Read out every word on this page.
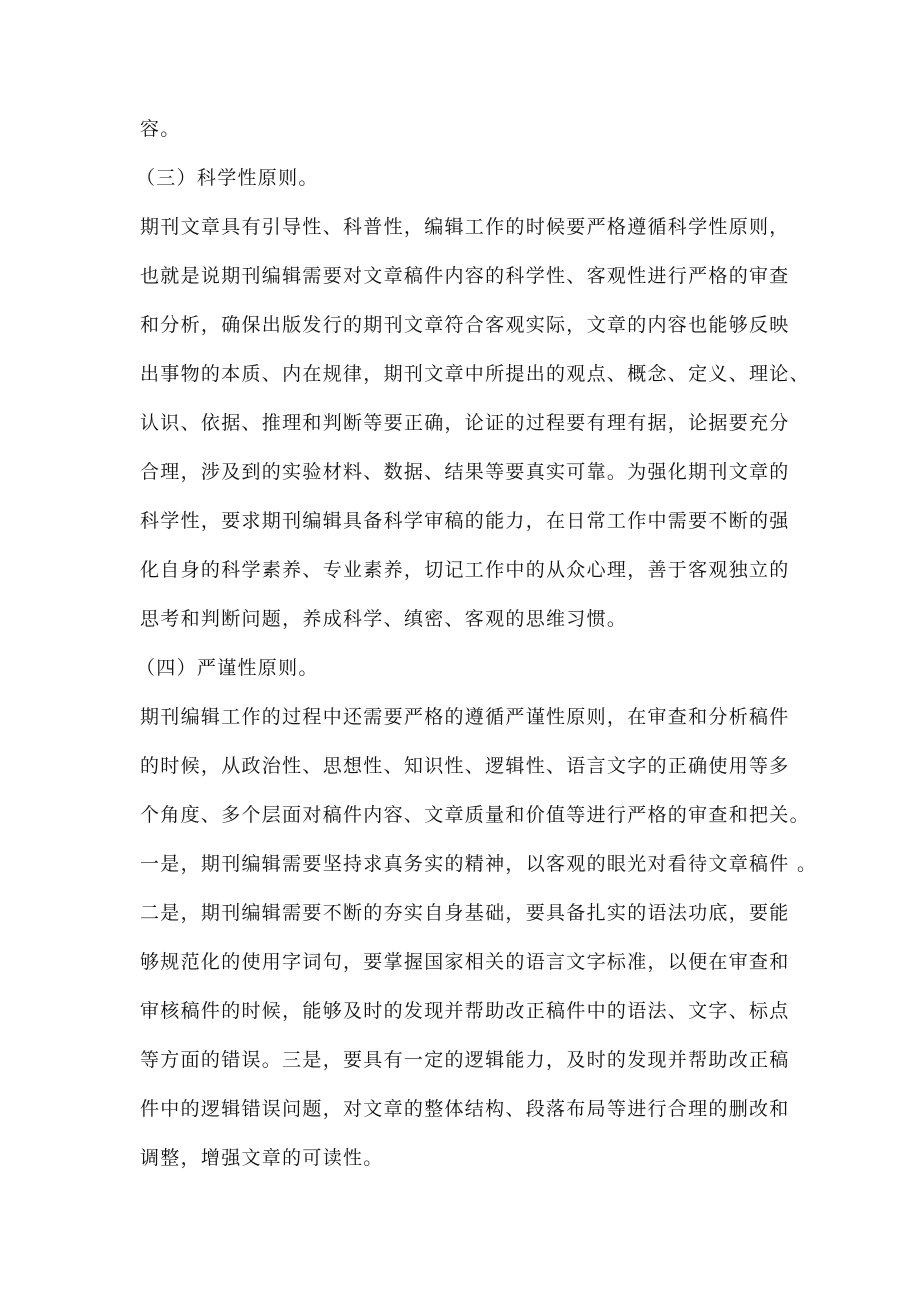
容。
（三）科学性原则。
期刊文章具有引导性、科普性，编辑工作的时候要严格遵循科学性原则，
也就是说期刊编辑需要对文章稿件内容的科学性、客观性进行严格的审查
和分析，确保出版发行的期刊文章符合客观实际，文章的内容也能够反映
出事物的本质、内在规律，期刊文章中所提出的观点、概念、定义、理论、
认识、依据、推理和判断等要正确，论证的过程要有理有据，论据要充分
合理，涉及到的实验材料、数据、结果等要真实可靠。为强化期刊文章的
科学性，要求期刊编辑具备科学审稿的能力，在日常工作中需要不断的强
化自身的科学素养、专业素养，切记工作中的从众心理，善于客观独立的
思考和判断问题，养成科学、缜密、客观的思维习惯。
（四）严谨性原则。
期刊编辑工作的过程中还需要严格的遵循严谨性原则，在审查和分析稿件
的时候，从政治性、思想性、知识性、逻辑性、语言文字的正确使用等多
个角度、多个层面对稿件内容、文章质量和价值等进行严格的审查和把关。
一是，期刊编辑需要坚持求真务实的精神，以客观的眼光对看待文章稿件 。
二是，期刊编辑需要不断的夯实自身基础，要具备扎实的语法功底，要能
够规范化的使用字词句，要掌握国家相关的语言文字标准，以便在审查和
审核稿件的时候，能够及时的发现并帮助改正稿件中的语法、文字、标点
等方面的错误。三是，要具有一定的逻辑能力，及时的发现并帮助改正稿
件中的逻辑错误问题，对文章的整体结构、段落布局等进行合理的删改和
调整，增强文章的可读性。
